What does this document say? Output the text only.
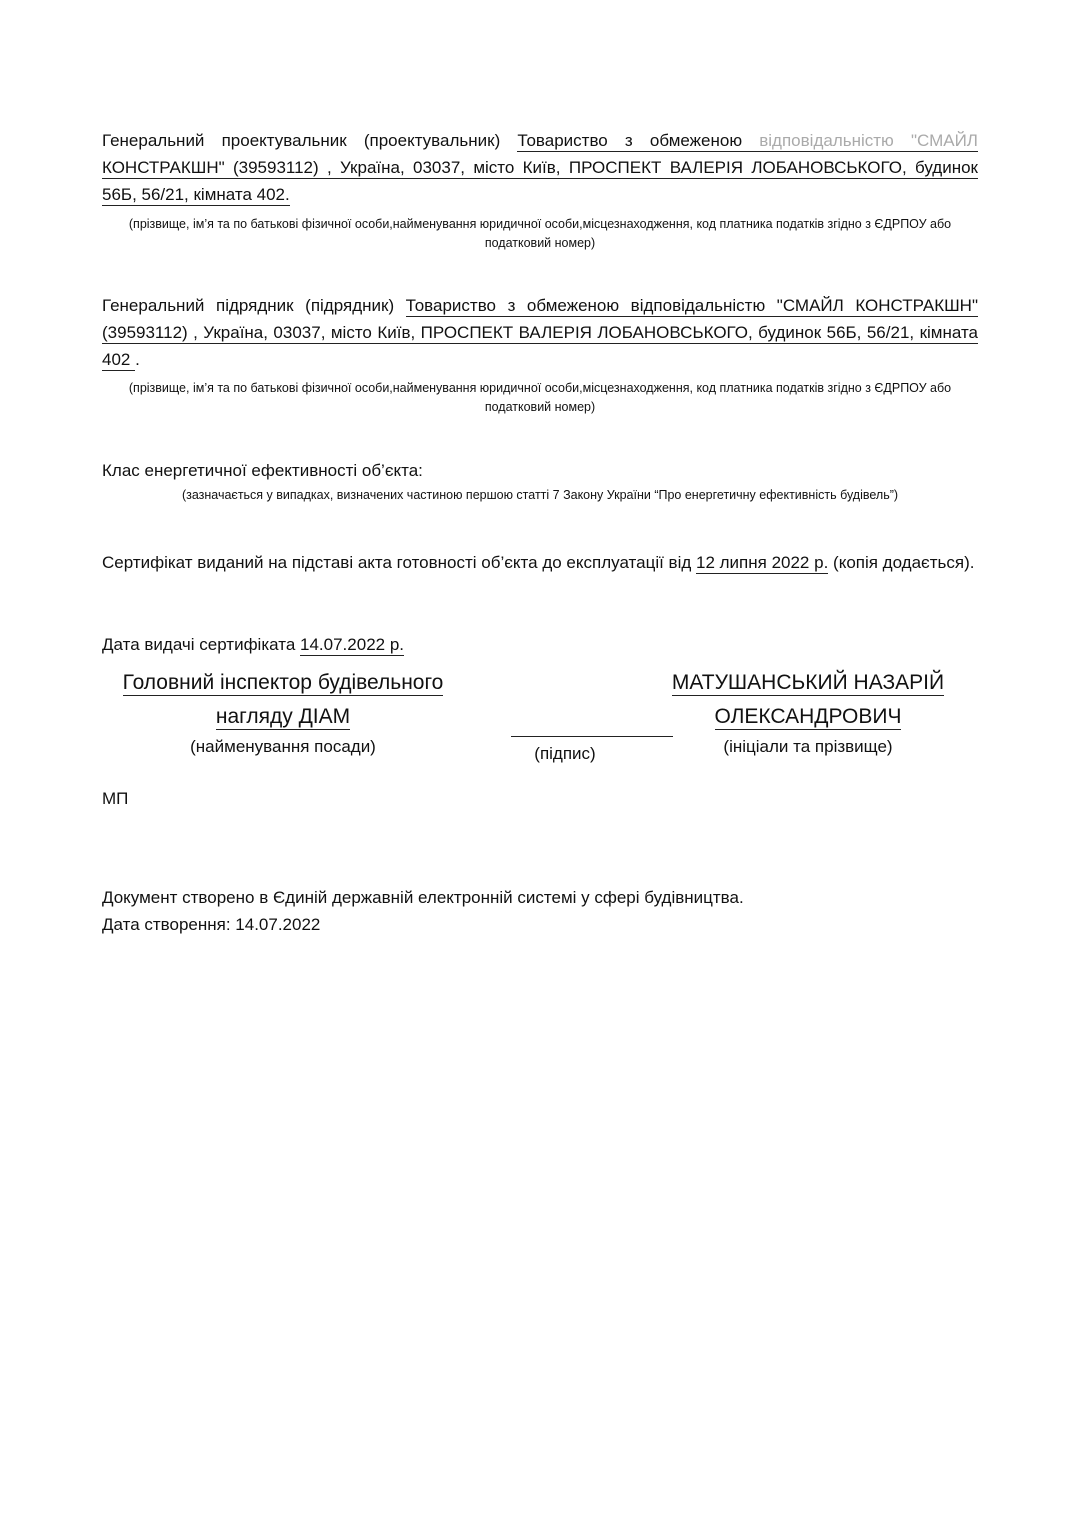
Генеральний проектувальник (проектувальник) Товариство з обмеженою відповідальністю "СМАЙЛ КОНСТРАКШН" (39593112) , Україна, 03037, місто Київ, ПРОСПЕКТ ВАЛЕРІЯ ЛОБАНОВСЬКОГО, будинок 56Б, 56/21, кімната 402.

(прізвище, ім’я та по батькові фізичної особи,найменування юридичної особи,місцезнаходження, код платника податків згідно з ЄДРПОУ або податковий номер)

Генеральний підрядник (підрядник) Товариство з обмеженою відповідальністю "СМАЙЛ КОНСТРАКШН" (39593112) , Україна, 03037, місто Київ, ПРОСПЕКТ ВАЛЕРІЯ ЛОБАНОВСЬКОГО, будинок 56Б, 56/21, кімната 402 .

(прізвище, ім’я та по батькові фізичної особи,найменування юридичної особи,місцезнаходження, код платника податків згідно з ЄДРПОУ або податковий номер)

Клас енергетичної ефективності об’єкта:

(зазначається у випадках, визначених частиною першою статті 7 Закону України “Про енергетичну ефективність будівель”)

Сертифікат виданий на підставі акта готовності об’єкта до експлуатації від 12 липня 2022 р. (копія додається).

Дата видачі сертифіката 14.07.2022 р.

Головний інспектор будівельного
нагляду ДІАМ
(найменування посади)	(підпис)
МАТУШАНСЬКИЙ НАЗАРІЙ
ОЛЕКСАНДРОВИЧ
(ініціали та прізвище)
МП
Документ створено в Єдиній державній електронній системі у сфері будівництва.
Дата створення: 14.07.2022
